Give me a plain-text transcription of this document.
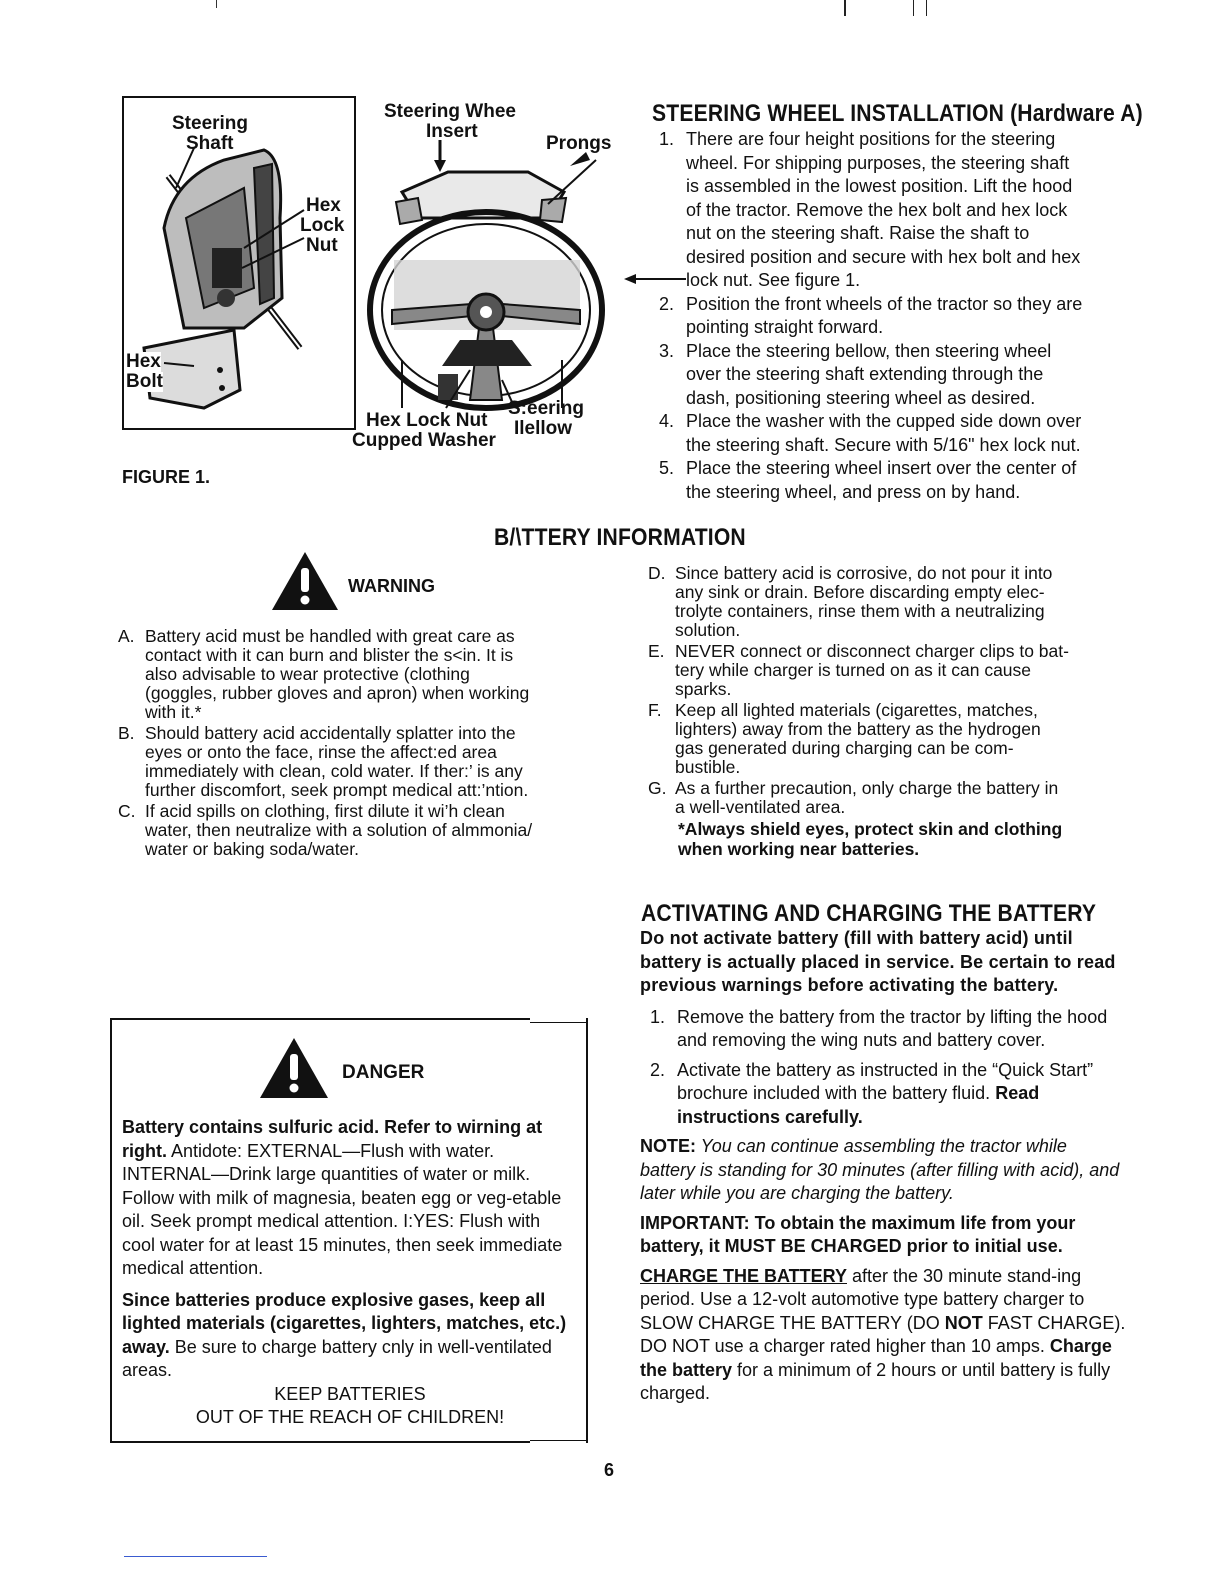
Steering
Shaft
Hex
Lock
Nut
Hex
Bolt
FIGURE 1.
Steering Whee
Insert
Prongs
S:eering
Ilellow
Hex Lock Nut
Cupped Washer
STEERING WHEEL INSTALLATION (Hardware A)
1. There are four height positions for the steering
wheel. For shipping purposes, the steering shaft
is assembled in the lowest position. Lift the hood
of the tractor. Remove the hex bolt and hex lock
nut on the steering shaft. Raise the shaft to
desired position and secure with hex bolt and hex
lock nut. See figure 1.
2. Position the front wheels of the tractor so they are
pointing straight forward.
3. Place the steering bellow, then steering wheel
over the steering shaft extending through the
dash, positioning steering wheel as desired.
4. Place the washer with the cupped side down over
the steering shaft. Secure with 5/16" hex lock nut.
5. Place the steering wheel insert over the center of
the steering wheel, and press on by hand.
B/\TTERY INFORMATION
WARNING
A. Battery acid must be handled with great care as
contact with it can burn and blister the s<in. It is
also advisable to wear protective (clothing
(goggles, rubber gloves and apron) when working
with it.*
B. Should battery acid accidentally splatter into the
eyes or onto the face, rinse the affect:ed area
immediately with clean, cold water. If ther:’ is any
further discomfort, seek prompt medical att:’ntion.
C. If acid spills on clothing, first dilute it wi’h clean
water, then neutralize with a solution of almmonia/
water or baking soda/water.
D. Since battery acid is corrosive, do not pour it into
any sink or drain. Before discarding empty elec-
trolyte containers, rinse them with a neutralizing
solution.
E. NEVER connect or disconnect charger clips to bat-
tery while charger is turned on as it can cause
sparks.
F. Keep all lighted materials (cigarettes, matches,
lighters) away from the battery as the hydrogen
gas generated during charging can be com-
bustible.
G. As a further precaution, only charge the battery in
a well-ventilated area.
*Always shield eyes, protect skin and clothing
when working near batteries.
DANGER

Battery contains sulfuric acid. Refer to wirning at right. Antidote: EXTERNAL—Flush with water. INTERNAL—Drink large quantities of water or milk. Follow with milk of magnesia, beaten egg or veg-etable oil. Seek prompt medical attention. I:YES: Flush with cool water for at least 15 minutes, then seek immediate medical attention.

Since batteries produce explosive gases, keep all lighted materials (cigarettes, lighters, matches, etc.) away. Be sure to charge battery cnly in well-ventilated areas.

KEEP BATTERIES
OUT OF THE REACH OF CHILDREN!
ACTIVATING AND CHARGING THE BATTERY
Do not activate battery (fill with battery acid) until battery is actually placed in service. Be certain to read previous warnings before activating the battery.
1. Remove the battery from the tractor by lifting the hood and removing the wing nuts and battery cover.
2. Activate the battery as instructed in the “Quick Start” brochure included with the battery fluid. Read instructions carefully.
NOTE: You can continue assembling the tractor while battery is standing for 30 minutes (after filling with acid), and later while you are charging the battery.
IMPORTANT: To obtain the maximum life from your battery, it MUST BE CHARGED prior to initial use.
CHARGE THE BATTERY after the 30 minute stand-ing period. Use a 12-volt automotive type battery charger to SLOW CHARGE THE BATTERY (DO NOT FAST CHARGE). DO NOT use a charger rated higher than 10 amps. Charge the battery for a minimum of 2 hours or until battery is fully charged.
6
